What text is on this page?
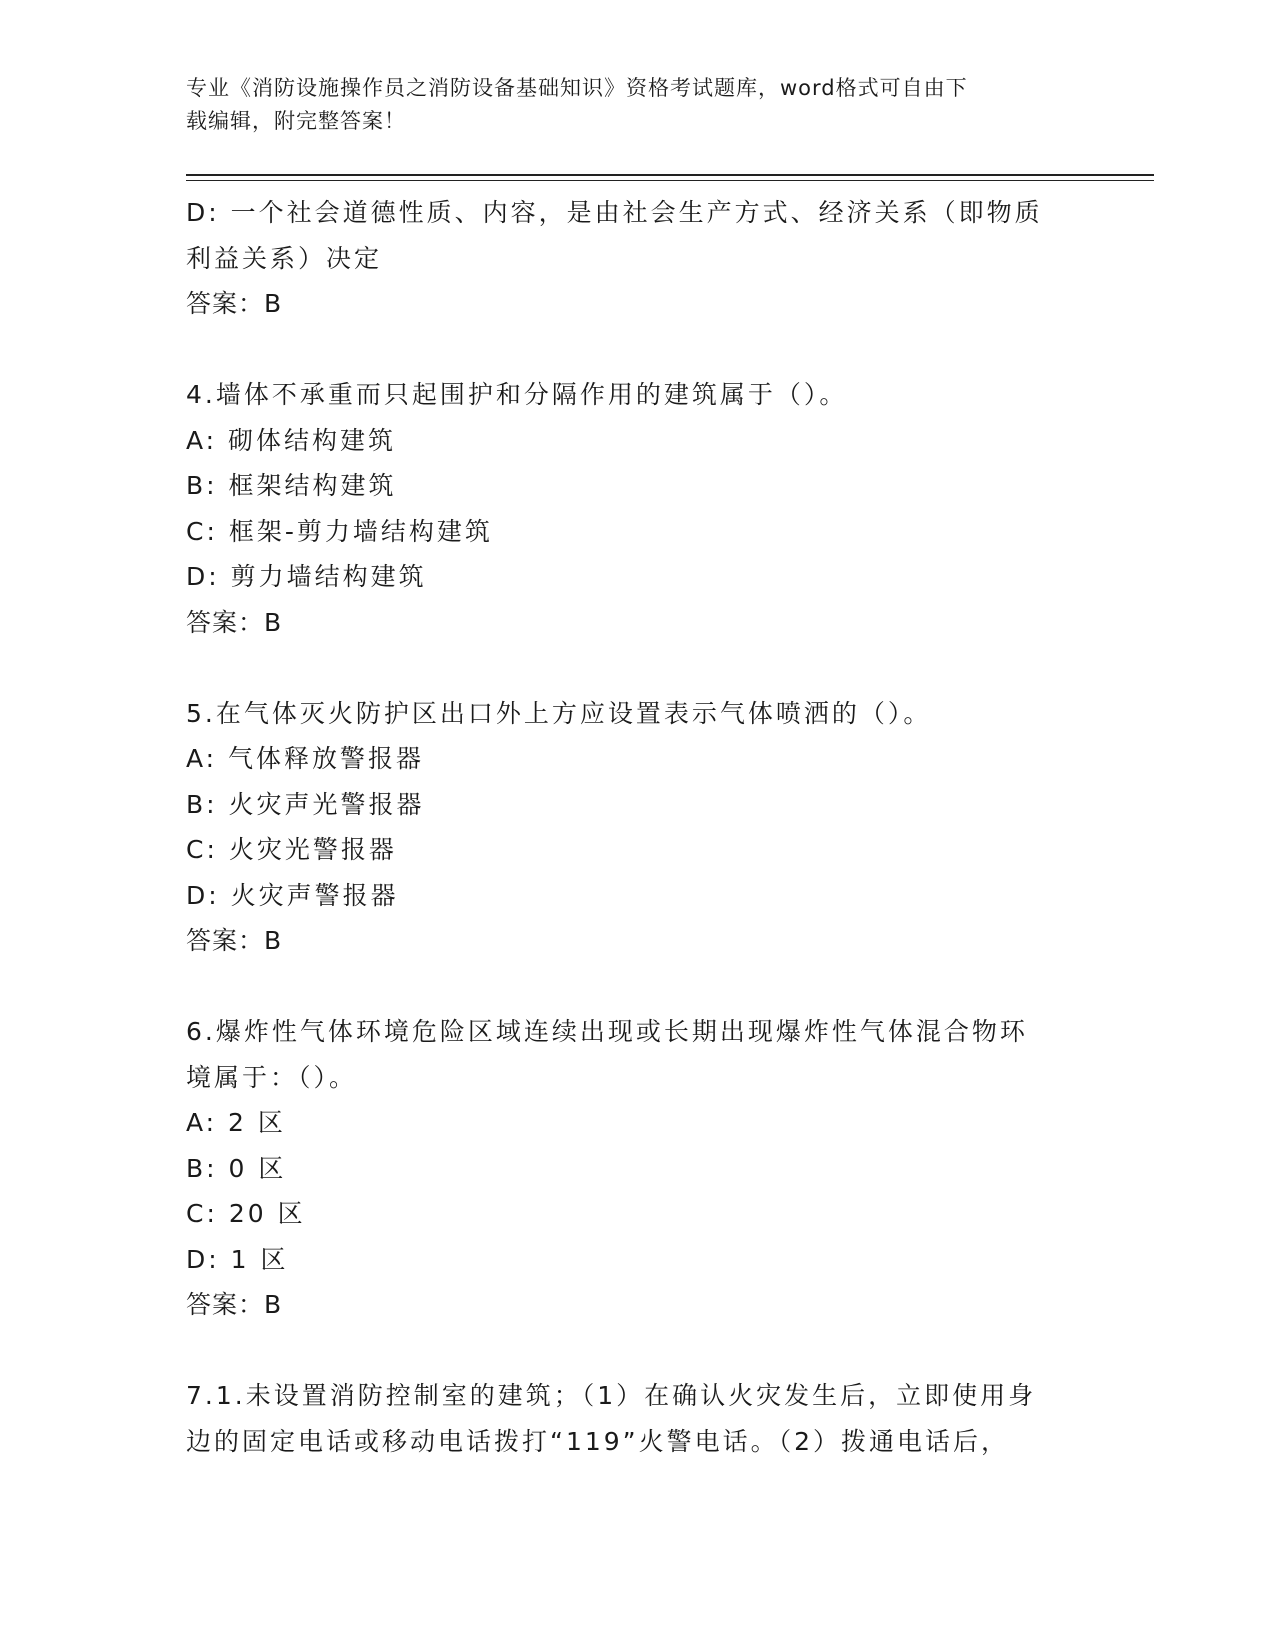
专业《消防设施操作员之消防设备基础知识》资格考试题库，word格式可自由下
载编辑，附完整答案！
D: 一个社会道德性质、内容，是由社会生产方式、经济关系（即物质
利益关系）决定
答案：B
4.墙体不承重而只起围护和分隔作用的建筑属于（）。
A: 砌体结构建筑
B: 框架结构建筑
C: 框架-剪力墙结构建筑
D: 剪力墙结构建筑
答案：B
5.在气体灭火防护区出口外上方应设置表示气体喷洒的（）。
A: 气体释放警报器
B: 火灾声光警报器
C: 火灾光警报器
D: 火灾声警报器
答案：B
6.爆炸性气体环境危险区域连续出现或长期出现爆炸性气体混合物环
境属于：（）。
A: 2 区
B: 0 区
C: 20 区
D: 1 区
答案：B
7.1.未设置消防控制室的建筑；（1）在确认火灾发生后，立即使用身
边的固定电话或移动电话拨打“119”火警电话。（2）拨通电话后，
